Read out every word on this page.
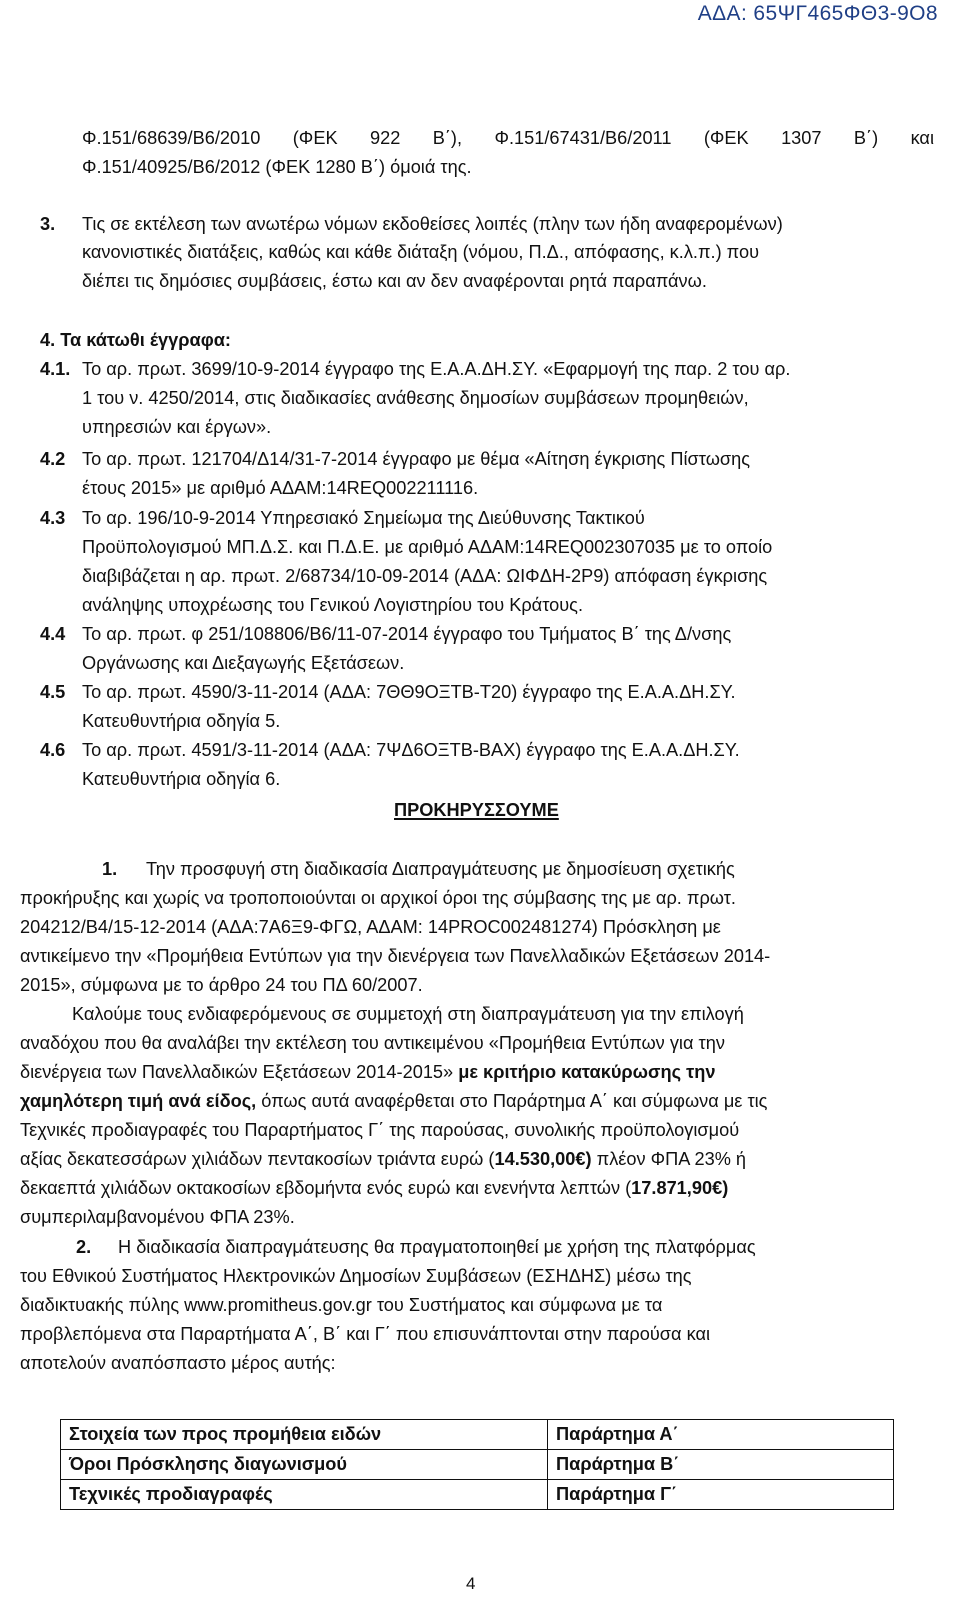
ΑΔΑ: 65ΨΓ465ΦΘ3-9Ο8
Φ.151/68639/Β6/2010 (ΦΕΚ 922 Β΄), Φ.151/67431/Β6/2011 (ΦΕΚ 1307 Β΄) και
Φ.151/40925/Β6/2012 (ΦΕΚ 1280 Β΄) όμοιά της.
3. Τις σε εκτέλεση των ανωτέρω νόμων εκδοθείσες λοιπές (πλην των ήδη αναφερομένων)
κανονιστικές διατάξεις, καθώς και κάθε διάταξη (νόμου, Π.Δ., απόφασης, κ.λ.π.) που
διέπει τις δημόσιες συμβάσεις, έστω και αν δεν αναφέρονται ρητά παραπάνω.
4. Τα κάτωθι έγγραφα:
4.1. Το αρ. πρωτ. 3699/10-9-2014 έγγραφο της Ε.Α.Α.ΔΗ.ΣΥ. «Εφαρμογή της παρ. 2 του αρ.
1 του ν. 4250/2014, στις διαδικασίες ανάθεσης δημοσίων συμβάσεων προμηθειών,
υπηρεσιών και έργων».
4.2 Το αρ. πρωτ. 121704/Δ14/31-7-2014 έγγραφο με θέμα «Αίτηση έγκρισης Πίστωσης
έτους 2015» με αριθμό ΑΔΑΜ:14REQ002211116.
4.3 Το αρ. 196/10-9-2014 Υπηρεσιακό Σημείωμα της Διεύθυνσης Τακτικού
Προϋπολογισμού ΜΠ.Δ.Σ. και Π.Δ.Ε. με αριθμό ΑΔΑΜ:14REQ002307035 με το οποίο
διαβιβάζεται η αρ. πρωτ. 2/68734/10-09-2014 (ΑΔΑ: ΩΙΦΔΗ-2Ρ9) απόφαση έγκρισης
ανάληψης υποχρέωσης του Γενικού Λογιστηρίου του Κράτους.
4.4 Το αρ. πρωτ. φ 251/108806/Β6/11-07-2014 έγγραφο του Τμήματος Β΄ της Δ/νσης
Οργάνωσης και Διεξαγωγής Εξετάσεων.
4.5 Το αρ. πρωτ. 4590/3-11-2014 (ΑΔΑ: 7ΘΘ9ΟΞΤΒ-Τ20) έγγραφο της Ε.Α.Α.ΔΗ.ΣΥ.
Κατευθυντήρια οδηγία 5.
4.6 Το αρ. πρωτ. 4591/3-11-2014 (ΑΔΑ: 7ΨΔ6ΟΞΤΒ-ΒΑΧ) έγγραφο της Ε.Α.Α.ΔΗ.ΣΥ.
Κατευθυντήρια οδηγία 6.
ΠΡΟΚΗΡΥΣΣΟΥΜΕ
1. Την προσφυγή στη διαδικασία Διαπραγμάτευσης με δημοσίευση σχετικής
προκήρυξης και χωρίς να τροποποιούνται οι αρχικοί όροι της σύμβασης της με αρ. πρωτ.
204212/Β4/15-12-2014 (ΑΔΑ:7Α6Ξ9-ΦΓΩ, ΑΔΑΜ: 14PROC002481274) Πρόσκληση με
αντικείμενο την «Προμήθεια Εντύπων για την διενέργεια των Πανελλαδικών Εξετάσεων 2014-
2015», σύμφωνα με το άρθρο 24 του ΠΔ 60/2007.
Καλούμε τους ενδιαφερόμενους σε συμμετοχή στη διαπραγμάτευση για την επιλογή
αναδόχου που θα αναλάβει την εκτέλεση του αντικειμένου «Προμήθεια Εντύπων για την
διενέργεια των Πανελλαδικών Εξετάσεων 2014-2015» με κριτήριο κατακύρωσης την
χαμηλότερη τιμή ανά είδος, όπως αυτά αναφέρθεται στο Παράρτημα Α΄ και σύμφωνα με τις
Τεχνικές προδιαγραφές του Παραρτήματος Γ΄ της παρούσας, συνολικής προϋπολογισμού
αξίας δεκατεσσάρων χιλιάδων πεντακοσίων τριάντα ευρώ (14.530,00€) πλέον ΦΠΑ 23% ή
δεκαεπτά χιλιάδων οκτακοσίων εβδομήντα ενός ευρώ και ενενήντα λεπτών (17.871,90€)
συμπεριλαμβανομένου ΦΠΑ 23%.
2. Η διαδικασία διαπραγμάτευσης θα πραγματοποιηθεί με χρήση της πλατφόρμας
του Εθνικού Συστήματος Ηλεκτρονικών Δημοσίων Συμβάσεων (ΕΣΗΔΗΣ) μέσω της
διαδικτυακής πύλης www.promitheus.gov.gr του Συστήματος και σύμφωνα με τα
προβλεπόμενα στα Παραρτήματα Α΄, Β΄ και Γ΄ που επισυνάπτονται στην παρούσα και
αποτελούν αναπόσπαστο μέρος αυτής:
Στοιχεία των προς προμήθεια ειδών	Παράρτημα Α΄
Όροι Πρόσκλησης διαγωνισμού	Παράρτημα Β΄
Τεχνικές προδιαγραφές	Παράρτημα Γ΄
4
